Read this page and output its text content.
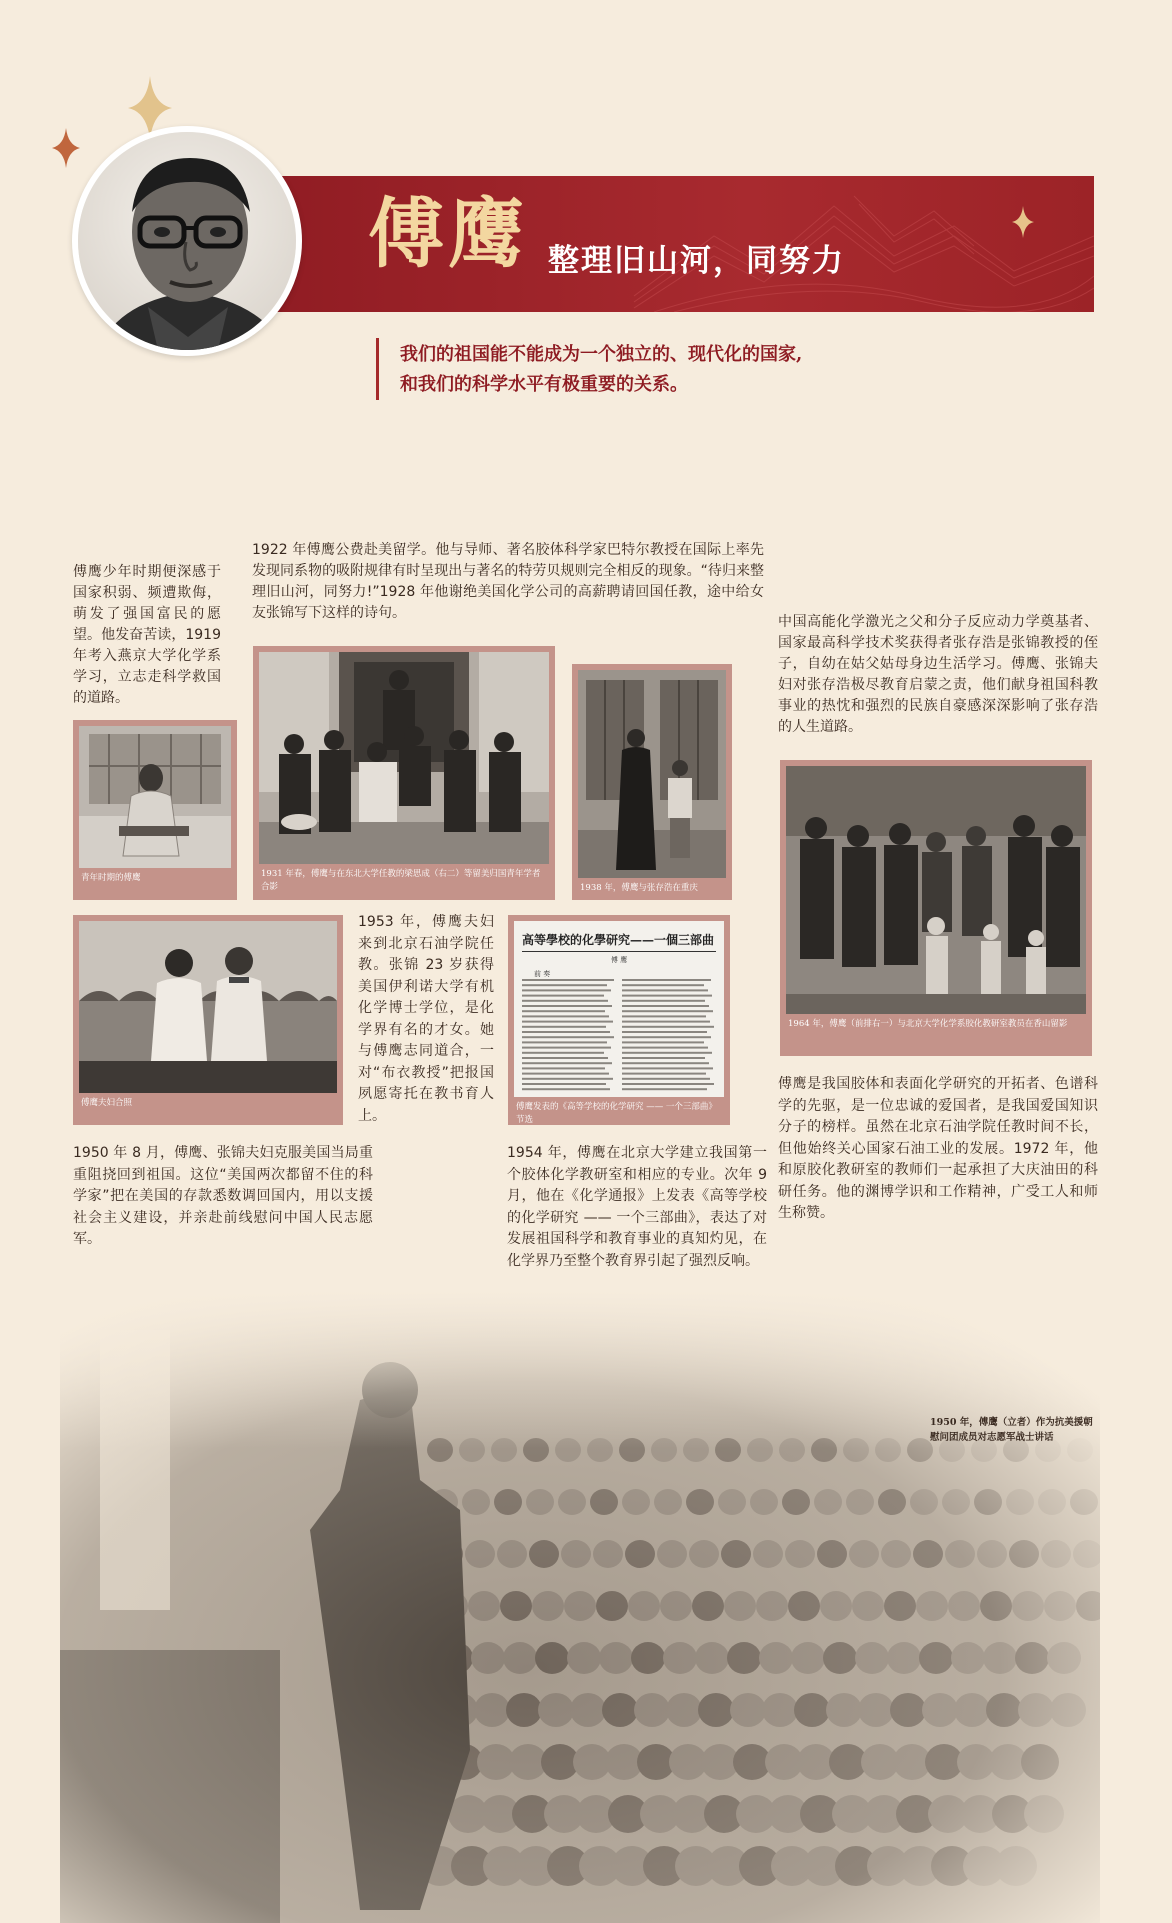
傅鹰 整理旧山河，同努力
我们的祖国能不能成为一个独立的、现代化的国家,
和我们的科学水平有极重要的关系。
傅鹰少年时期便深感于国家积弱、频遭欺侮，萌发了强国富民的愿望。他发奋苦读，1919 年考入燕京大学化学系学习，立志走科学救国的道路。
1922 年傅鹰公费赴美留学。他与导师、著名胶体科学家巴特尔教授在国际上率先发现同系物的吸附规律有时呈现出与著名的特劳贝规则完全相反的现象。“待归来整理旧山河，同努力!”1928 年他谢绝美国化学公司的高薪聘请回国任教，途中给女友张锦写下这样的诗句。
中国高能化学激光之父和分子反应动力学奠基者、国家最高科学技术奖获得者张存浩是张锦教授的侄子，自幼在姑父姑母身边生活学习。傅鹰、张锦夫妇对张存浩极尽教育启蒙之责，他们献身祖国科教事业的热忱和强烈的民族自豪感深深影响了张存浩的人生道路。
青年时期的傅鹰	1931 年春，傅鹰与在东北大学任教的梁思成（右二）等留美归国青年学者合影	1938 年，傅鹰与张存浩在重庆
1964 年，傅鹰（前排右一）与北京大学化学系胶化教研室教员在香山留影
傅鹰夫妇合照
1953 年，傅鹰夫妇来到北京石油学院任教。张锦 23 岁获得美国伊利诺大学有机化学博士学位，是化学界有名的才女。她与傅鹰志同道合，一对“布衣教授”把报国夙愿寄托在教书育人上。
高等學校的化學研究——一個三部曲
傅 鹰
前 奏
傅鹰发表的《高等学校的化学研究 —— 一个三部曲》节选
1950 年 8 月，傅鹰、张锦夫妇克服美国当局重重阻挠回到祖国。这位“美国两次都留不住的科学家”把在美国的存款悉数调回国内，用以支援社会主义建设，并亲赴前线慰问中国人民志愿军。
1954 年，傅鹰在北京大学建立我国第一个胶体化学教研室和相应的专业。次年 9 月，他在《化学通报》上发表《高等学校的化学研究 —— 一个三部曲》，表达了对发展祖国科学和教育事业的真知灼见，在化学界乃至整个教育界引起了强烈反响。
傅鹰是我国胶体和表面化学研究的开拓者、色谱科学的先驱，是一位忠诚的爱国者，是我国爱国知识分子的榜样。虽然在北京石油学院任教时间不长，但他始终关心国家石油工业的发展。1972 年，他和原胶化教研室的教师们一起承担了大庆油田的科研任务。他的渊博学识和工作精神，广受工人和师生称赞。
1950 年，傅鹰（立者）作为抗美援朝慰问团成员对志愿军战士讲话
